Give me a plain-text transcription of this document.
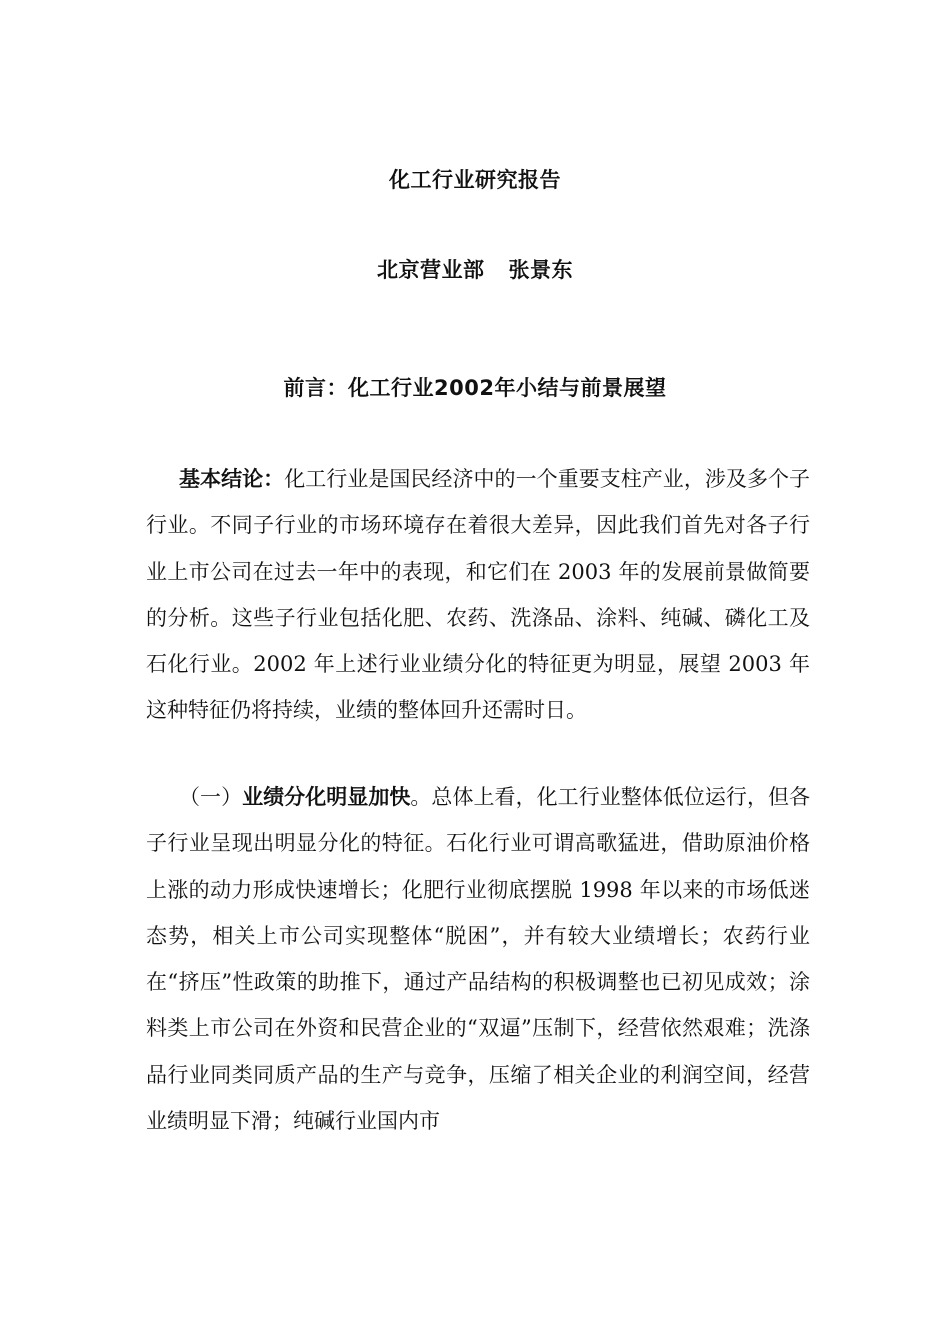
化工行业研究报告
北京营业部 张景东
前言：化工行业2002年小结与前景展望

基本结论：化工行业是国民经济中的一个重要支柱产业，涉及多个子行业。不同子行业的市场环境存在着很大差异，因此我们首先对各子行业上市公司在过去一年中的表现，和它们在 2003 年的发展前景做简要的分析。这些子行业包括化肥、农药、洗涤品、涂料、纯碱、磷化工及石化行业。2002 年上述行业业绩分化的特征更为明显，展望 2003 年这种特征仍将持续，业绩的整体回升还需时日。

（一）业绩分化明显加快。总体上看，化工行业整体低位运行，但各子行业呈现出明显分化的特征。石化行业可谓高歌猛进，借助原油价格上涨的动力形成快速增长；化肥行业彻底摆脱 1998 年以来的市场低迷态势，相关上市公司实现整体“脱困”，并有较大业绩增长；农药行业在“挤压”性政策的助推下，通过产品结构的积极调整也已初见成效；涂料类上市公司在外资和民营企业的“双逼”压制下，经营依然艰难；洗涤品行业同类同质产品的生产与竞争，压缩了相关企业的利润空间，经营业绩明显下滑；纯碱行业国内市
